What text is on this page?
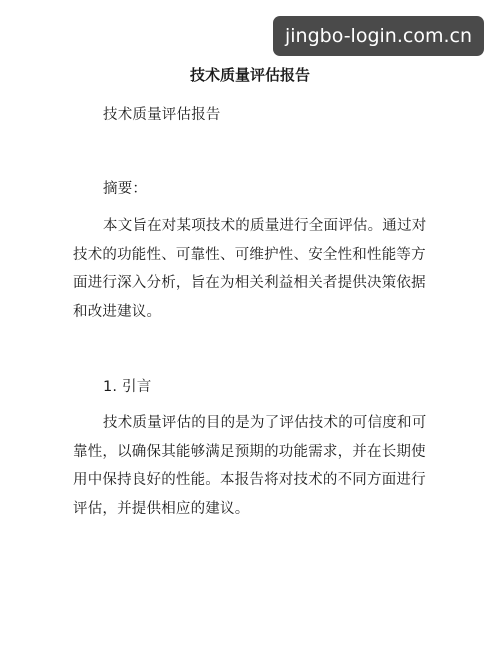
jingbo-login.com.cn
技术质量评估报告

技术质量评估报告

摘要：

本文旨在对某项技术的质量进行全面评估。通过对技术的功能性、可靠性、可维护性、安全性和性能等方面进行深入分析，旨在为相关利益相关者提供决策依据和改进建议。

1. 引言

技术质量评估的目的是为了评估技术的可信度和可靠性，以确保其能够满足预期的功能需求，并在长期使用中保持良好的性能。本报告将对技术的不同方面进行评估，并提供相应的建议。
